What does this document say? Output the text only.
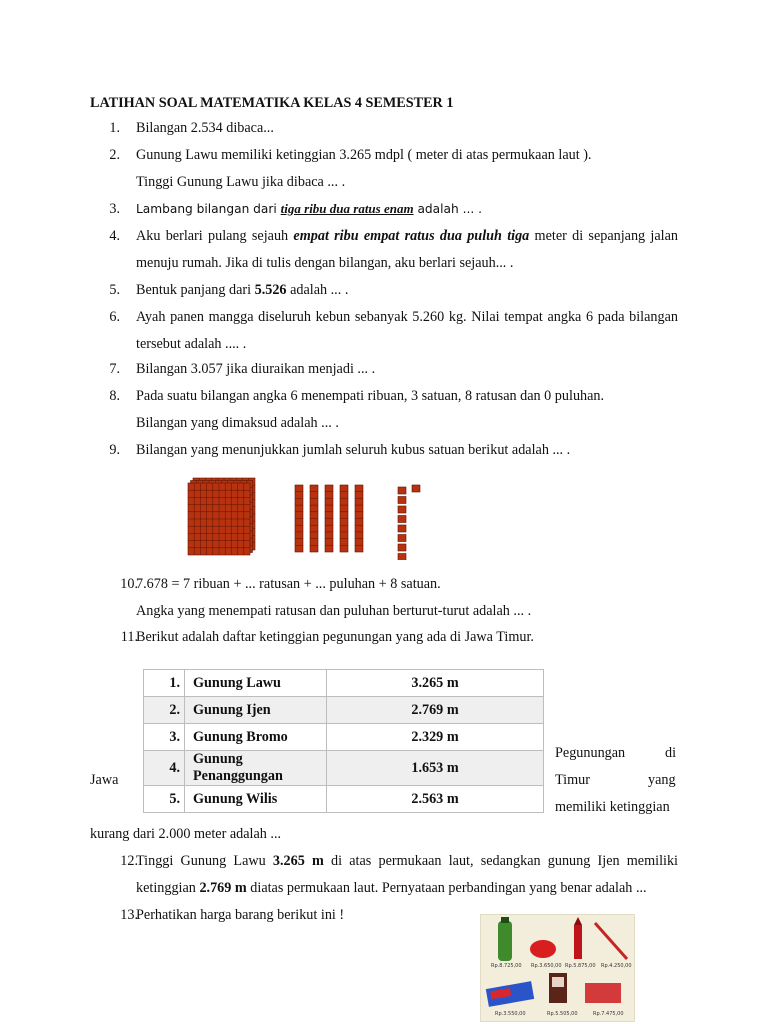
LATIHAN SOAL MATEMATIKA KELAS 4 SEMESTER 1
1. Bilangan 2.534 dibaca...
2. Gunung Lawu memiliki ketinggian 3.265 mdpl ( meter di atas permukaan laut ).
Tinggi Gunung Lawu jika dibaca ... .
3. Lambang bilangan dari tiga ribu dua ratus enam adalah ... .
4. Aku berlari pulang sejauh empat ribu empat ratus dua puluh tiga meter di sepanjang jalan menuju rumah. Jika di tulis dengan bilangan, aku berlari sejauh... .
5. Bentuk panjang dari 5.526 adalah ... .
6. Ayah panen mangga diseluruh kebun sebanyak 5.260 kg. Nilai tempat angka 6 pada bilangan tersebut adalah .... .
7. Bilangan 3.057 jika diuraikan menjadi ... .
8. Pada suatu bilangan angka 6 menempati ribuan, 3 satuan, 8 ratusan dan 0 puluhan.
Bilangan yang dimaksud adalah ... .
9. Bilangan yang menunjukkan jumlah seluruh kubus satuan berikut adalah ... .
10.
7.678 = 7 ribuan + ... ratusan + ... puluhan + 8 satuan.
Angka yang menempati ratusan dan puluhan berturut-turut adalah ... .
11.
Berikut adalah daftar ketinggian pegunungan yang ada di Jawa Timur.
1.	Gunung Lawu	3.265 m
2.	Gunung Ijen	2.769 m
3.	Gunung Bromo	2.329 m
4.	Gunung Penanggungan	1.653 m
5.	Gunung Wilis	2.563 m
Pegunungan	di
Jawa	Timur	yang
memiliki ketinggian
kurang dari 2.000 meter adalah ...
12.
Tinggi Gunung Lawu 3.265 m di atas permukaan laut, sedangkan gunung Ijen memiliki ketinggian 2.769 m diatas permukaan laut. Pernyataan perbandingan yang benar adalah ...
13.
Perhatikan harga barang berikut ini !
Rp.8.725,00 Rp.3.650,00 Rp.5.875,00 Rp.4.250,00
Rp.3.550,00	Rp.5.505,00	Rp.7.475,00
